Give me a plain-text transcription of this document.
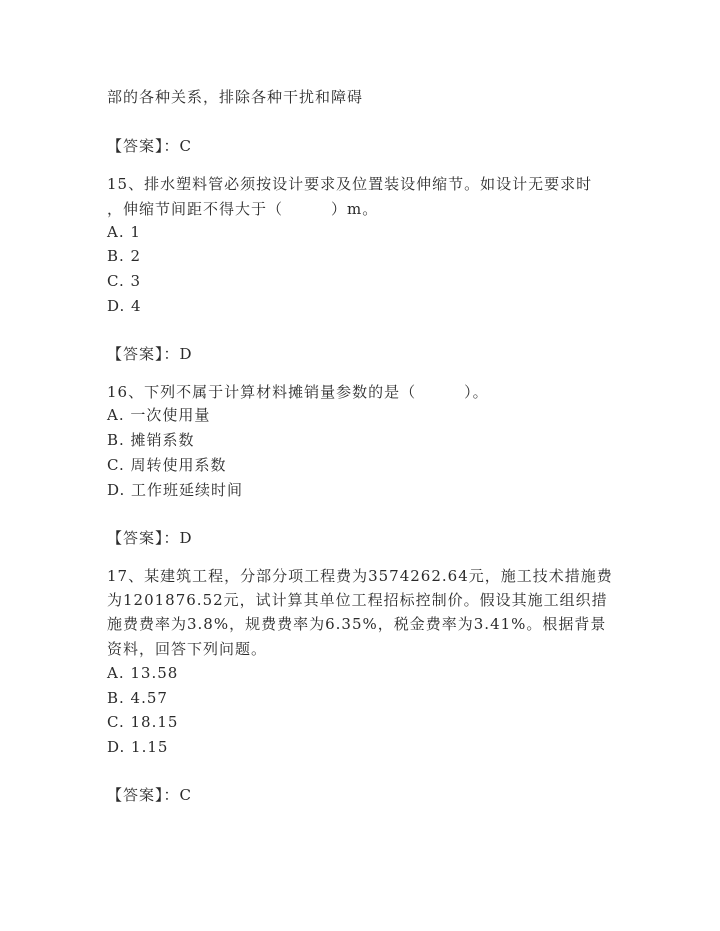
部的各种关系，排除各种干扰和障碍
【答案】：C
15、排水塑料管必须按设计要求及位置装设伸缩节。如设计无要求时
，伸缩节间距不得大于（　　　）m。
A. 1
B. 2
C. 3
D. 4
【答案】：D
16、下列不属于计算材料摊销量参数的是（　　　）。
A. 一次使用量
B. 摊销系数
C. 周转使用系数
D. 工作班延续时间
【答案】：D
17、某建筑工程，分部分项工程费为3574262.64元，施工技术措施费
为1201876.52元，试计算其单位工程招标控制价。假设其施工组织措
施费费率为3.8%，规费费率为6.35%，税金费率为3.41%。根据背景
资料，回答下列问题。
A. 13.58
B. 4.57
C. 18.15
D. 1.15
【答案】：C
